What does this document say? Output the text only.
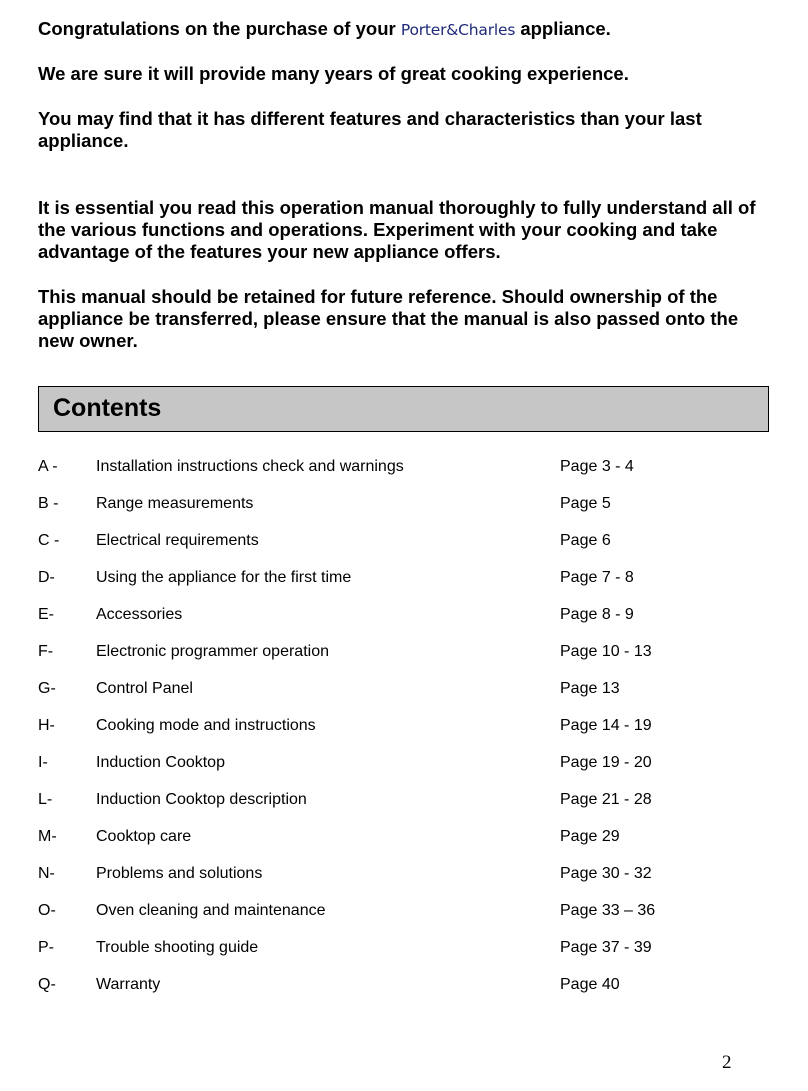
Congratulations on the purchase of your Porter&Charles appliance.

We are sure it will provide many years of great cooking experience.

You may find that it has different features and characteristics than your last appliance.

It is essential you read this operation manual thoroughly to fully understand all of the various functions and operations. Experiment with your cooking and take advantage of the features your new appliance offers.

This manual should be retained for future reference. Should ownership of the appliance be transferred, please ensure that the manual is also passed onto the new owner.

Contents
A - Installation instructions check and warnings	Page 3 - 4
B - Range measurements	Page 5
C - Electrical requirements	Page 6
D-	Using the appliance for the first time	Page 7 - 8
E-	Accessories	Page 8 - 9
F-	Electronic programmer operation	Page 10 - 13
G-	Control Panel	Page 13
H-	Cooking mode and instructions	Page 14 - 19
I-	Induction Cooktop	Page 19 - 20
L-	Induction Cooktop description	Page 21 - 28
M- Cooktop care	Page 29
N-	Problems and solutions	Page 30 - 32
O-	Oven cleaning and maintenance	Page 33 – 36
P-	Trouble shooting guide	Page 37 - 39
Q-	Warranty	Page 40
2
